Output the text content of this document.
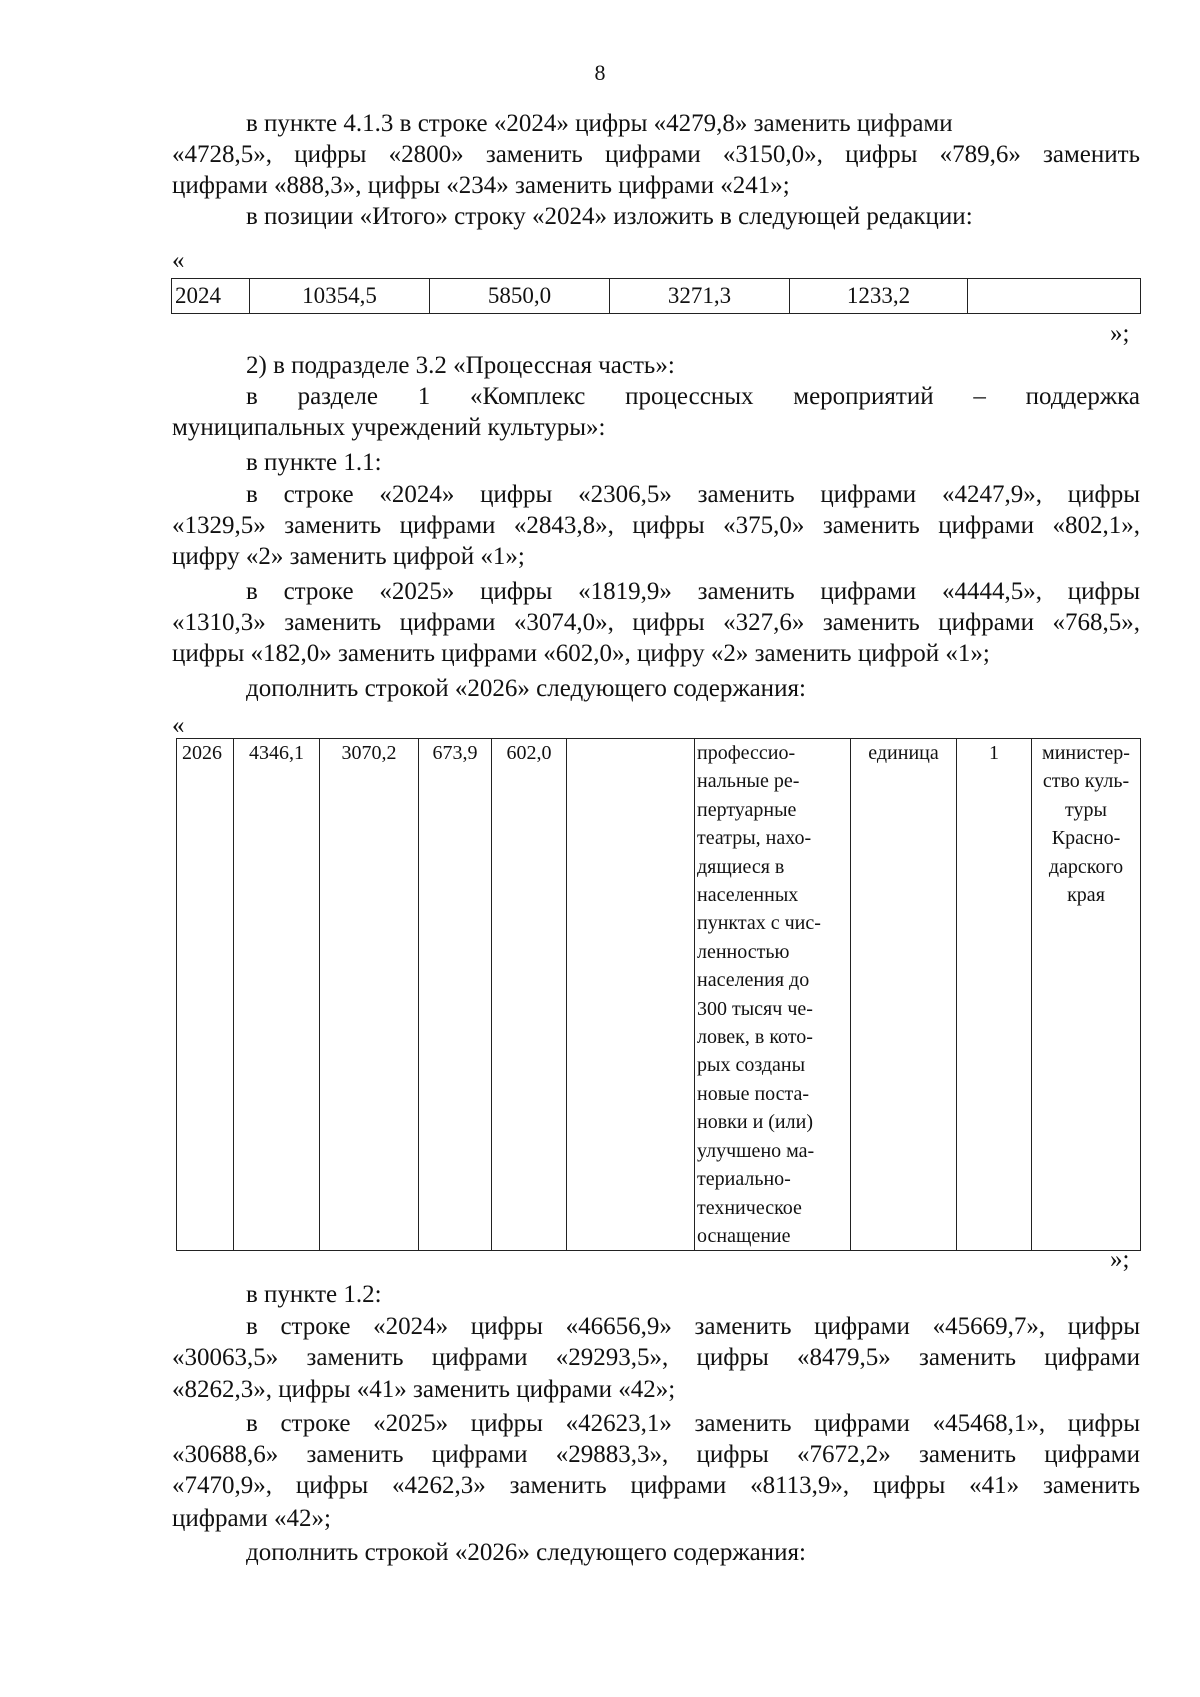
8
в пункте 4.1.3 в строке «2024» цифры «4279,8» заменить цифрами
«4728,5», цифры «2800» заменить цифрами «3150,0», цифры «789,6» заменить
цифрами «888,3», цифры «234» заменить цифрами «241»;
в позиции «Итого» строку «2024» изложить в следующей редакции:
«
2024	10354,5	5850,0	3271,3	1233,2	
»;
2) в подразделе 3.2 «Процессная часть»:
в разделе 1 «Комплекс процессных мероприятий – поддержка
муниципальных учреждений культуры»:
в пункте 1.1:
в строке «2024» цифры «2306,5» заменить цифрами «4247,9», цифры
«1329,5» заменить цифрами «2843,8», цифры «375,0» заменить цифрами «802,1»,
цифру «2» заменить цифрой «1»;
в строке «2025» цифры «1819,9» заменить цифрами «4444,5», цифры
«1310,3» заменить цифрами «3074,0», цифры «327,6» заменить цифрами «768,5»,
цифры «182,0» заменить цифрами «602,0», цифру «2» заменить цифрой «1»;
дополнить строкой «2026» следующего содержания:
«
2026	4346,1	3070,2	673,9	602,0		профессио-
нальные ре-
пертуарные
театры, нахо-
дящиеся в
населенных
пунктах с чис-
ленностью
населения до
300 тысяч че-
ловек, в кото-
рых созданы
новые поста-
новки и (или)
улучшено ма-
териально-
техническое
оснащение	единица	1	министер-
ство куль-
туры
Краснo-
дарского
края
»;
в пункте 1.2:
в строке «2024» цифры «46656,9» заменить цифрами «45669,7», цифры
«30063,5» заменить цифрами «29293,5», цифры «8479,5» заменить цифрами
«8262,3», цифры «41» заменить цифрами «42»;
в строке «2025» цифры «42623,1» заменить цифрами «45468,1», цифры
«30688,6» заменить цифрами «29883,3», цифры «7672,2» заменить цифрами
«7470,9», цифры «4262,3» заменить цифрами «8113,9», цифры «41» заменить
цифрами «42»;
дополнить строкой «2026» следующего содержания:
